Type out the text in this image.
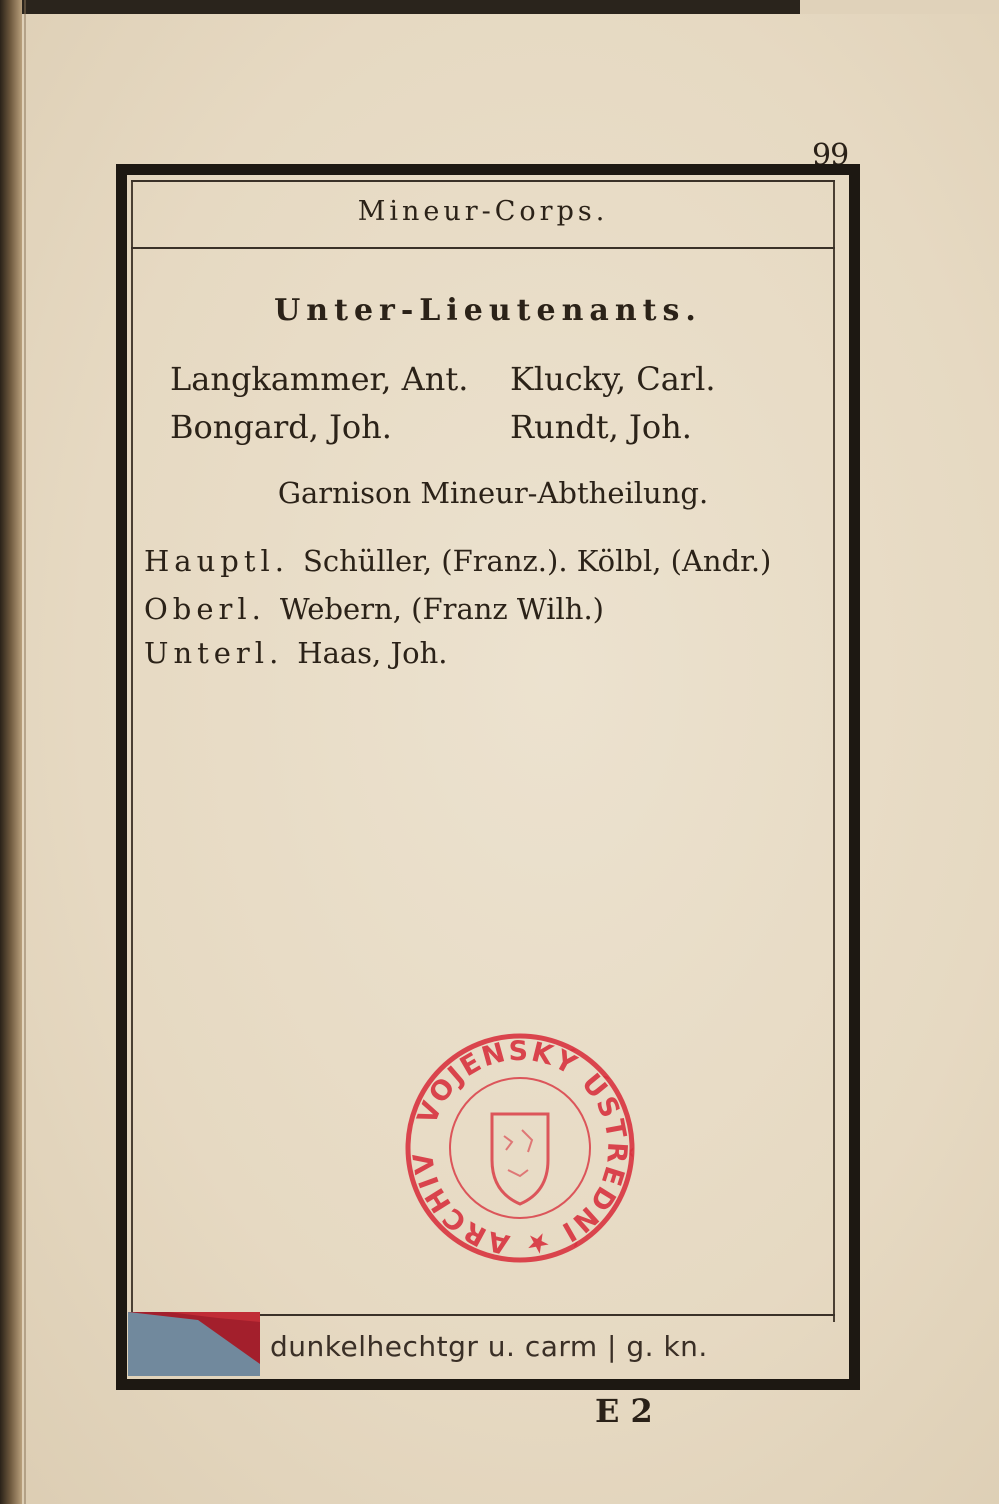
99
Mineur-Corps.
Unter-Lieutenants.
Langkammer, Ant. Klucky, Carl.
Bongard, Joh.	Rundt, Joh.
Garnison Mineur-Abtheilung.
Hauptl. Schüller, (Franz.). Kölbl, (Andr.)
Oberl. Webern, (Franz Wilh.)
Unterl. Haas, Joh.
VOJENSKÝ ÚSTŘEDNÍ ★ ARCHIV
dunkelhechtgr u. carm | g. kn.
E 2
